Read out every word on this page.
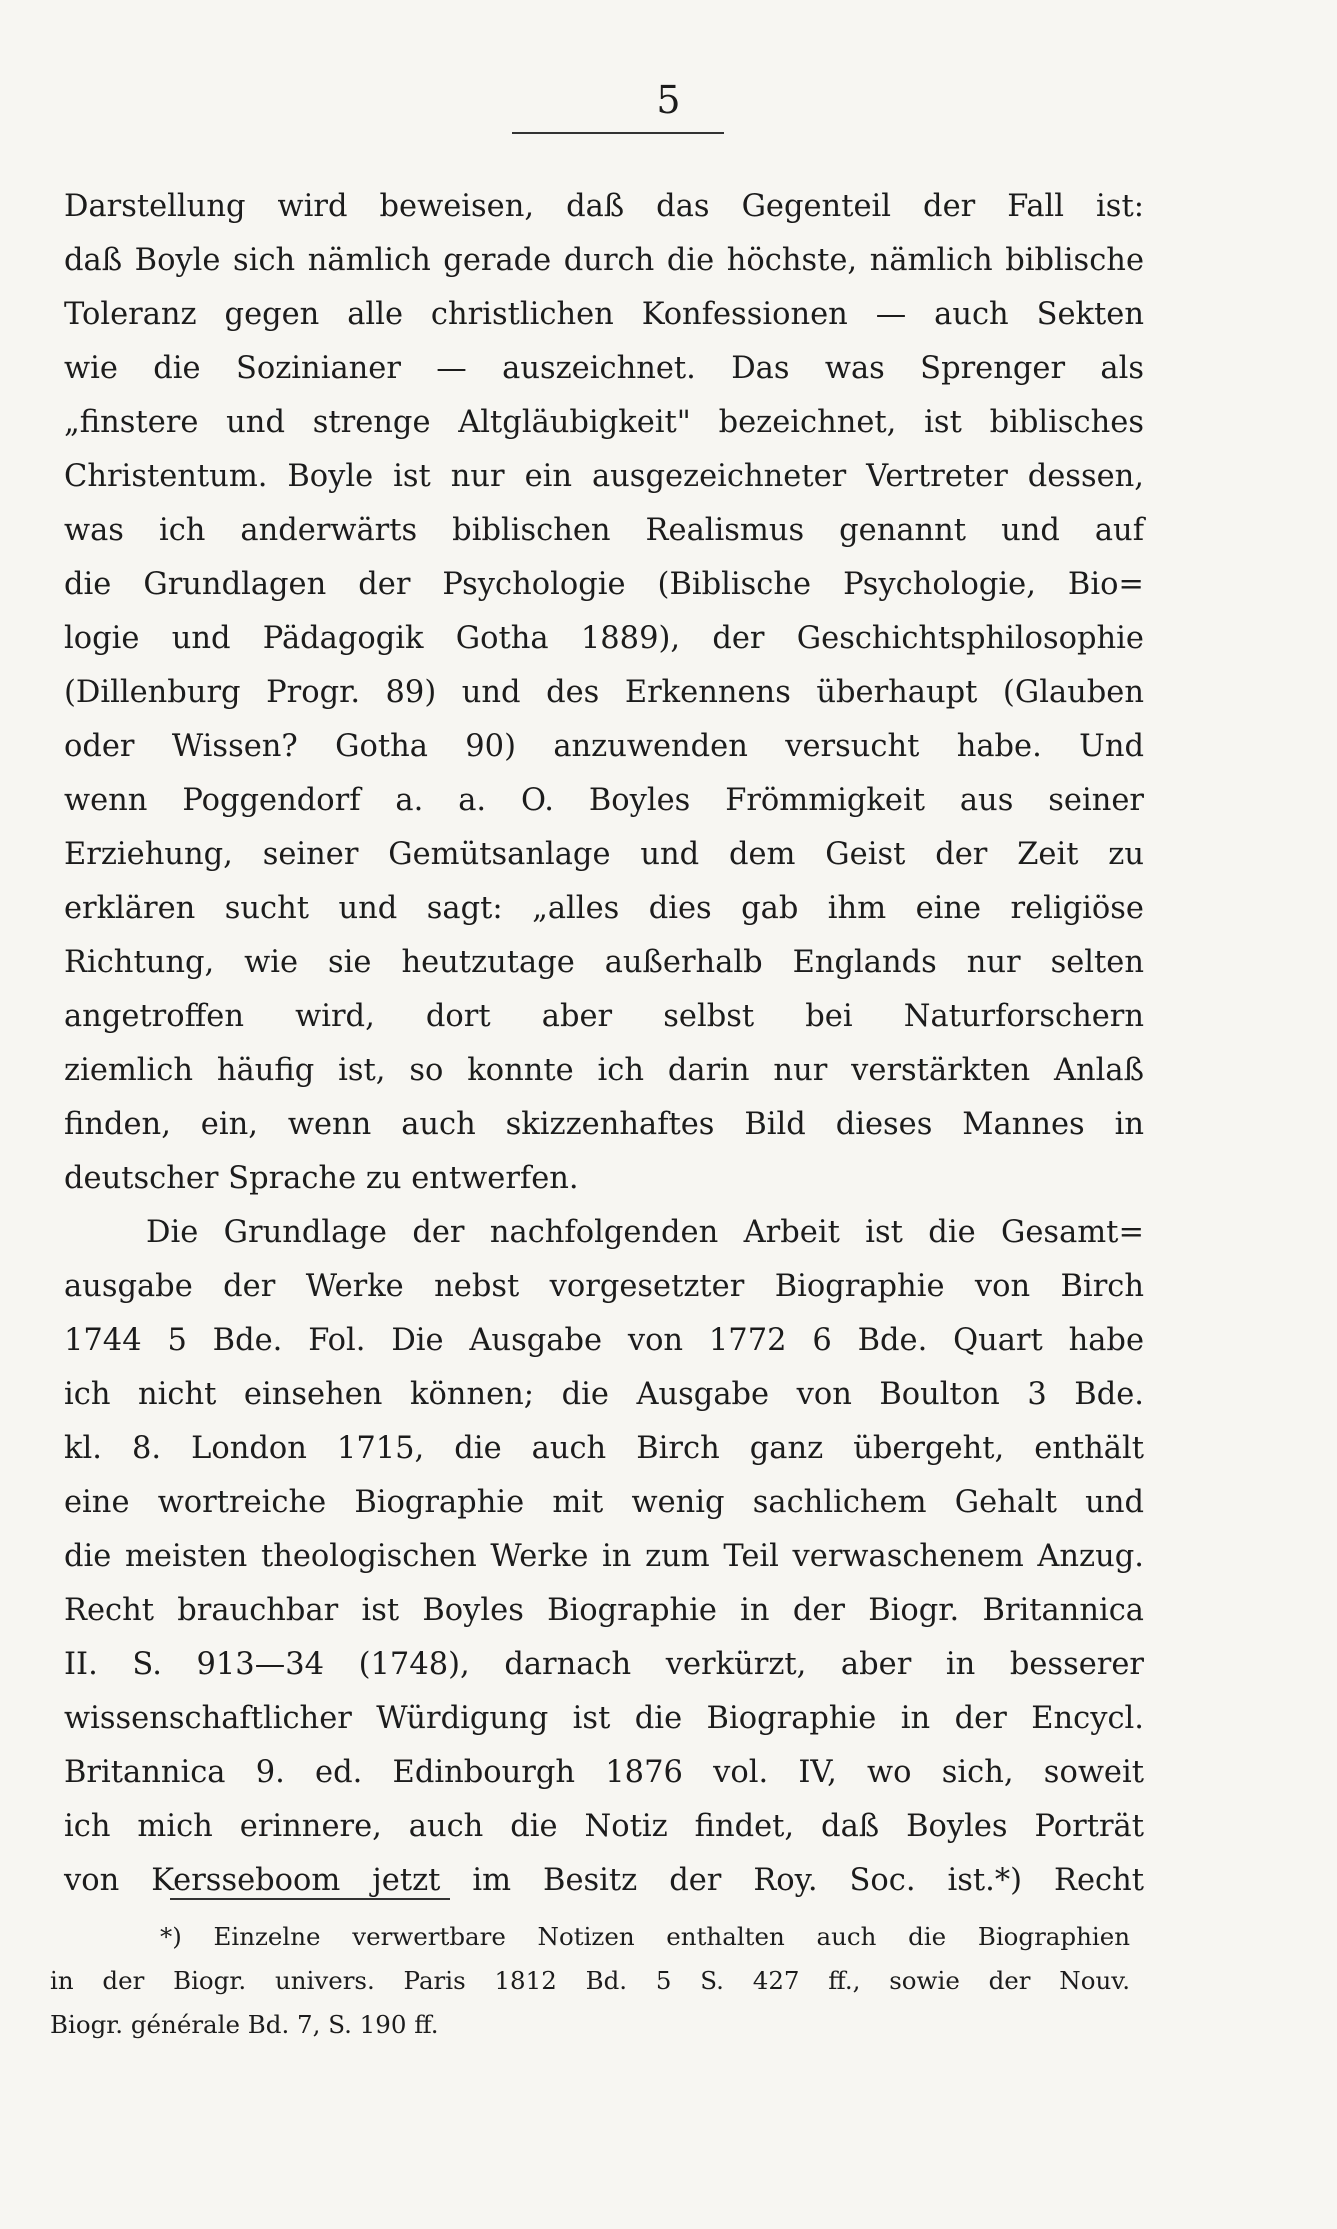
5
Darstellung wird beweisen, daß das Gegenteil der Fall ist:
daß Boyle sich nämlich gerade durch die höchste, nämlich biblische
Toleranz gegen alle christlichen Konfessionen — auch Sekten
wie die Sozinianer — auszeichnet. Das was Sprenger als
„finstere und strenge Altgläubigkeit" bezeichnet, ist biblisches
Christentum. Boyle ist nur ein ausgezeichneter Vertreter dessen,
was ich anderwärts biblischen Realismus genannt und auf
die Grundlagen der Psychologie (Biblische Psychologie, Bio=
logie und Pädagogik Gotha 1889), der Geschichtsphilosophie
(Dillenburg Progr. 89) und des Erkennens überhaupt (Glauben
oder Wissen? Gotha 90) anzuwenden versucht habe. Und
wenn Poggendorf a. a. O. Boyles Frömmigkeit aus seiner
Erziehung, seiner Gemütsanlage und dem Geist der Zeit zu
erklären sucht und sagt: „alles dies gab ihm eine religiöse
Richtung, wie sie heutzutage außerhalb Englands nur selten
angetroffen wird, dort aber selbst bei Naturforschern
ziemlich häufig ist, so konnte ich darin nur verstärkten Anlaß
finden, ein, wenn auch skizzenhaftes Bild dieses Mannes in
deutscher Sprache zu entwerfen.
Die Grundlage der nachfolgenden Arbeit ist die Gesamt=
ausgabe der Werke nebst vorgesetzter Biographie von Birch
1744 5 Bde. Fol. Die Ausgabe von 1772 6 Bde. Quart habe
ich nicht einsehen können; die Ausgabe von Boulton 3 Bde.
kl. 8. London 1715, die auch Birch ganz übergeht, enthält
eine wortreiche Biographie mit wenig sachlichem Gehalt und
die meisten theologischen Werke in zum Teil verwaschenem Anzug.
Recht brauchbar ist Boyles Biographie in der Biogr. Britannica
II. S. 913—34 (1748), darnach verkürzt, aber in besserer
wissenschaftlicher Würdigung ist die Biographie in der Encycl.
Britannica 9. ed. Edinbourgh 1876 vol. IV, wo sich, soweit
ich mich erinnere, auch die Notiz findet, daß Boyles Porträt
von Kersseboom jetzt im Besitz der Roy. Soc. ist.*) Recht
*) Einzelne verwertbare Notizen enthalten auch die Biographien
in der Biogr. univers. Paris 1812 Bd. 5 S. 427 ff., sowie der Nouv.
Biogr. générale Bd. 7, S. 190 ff.
